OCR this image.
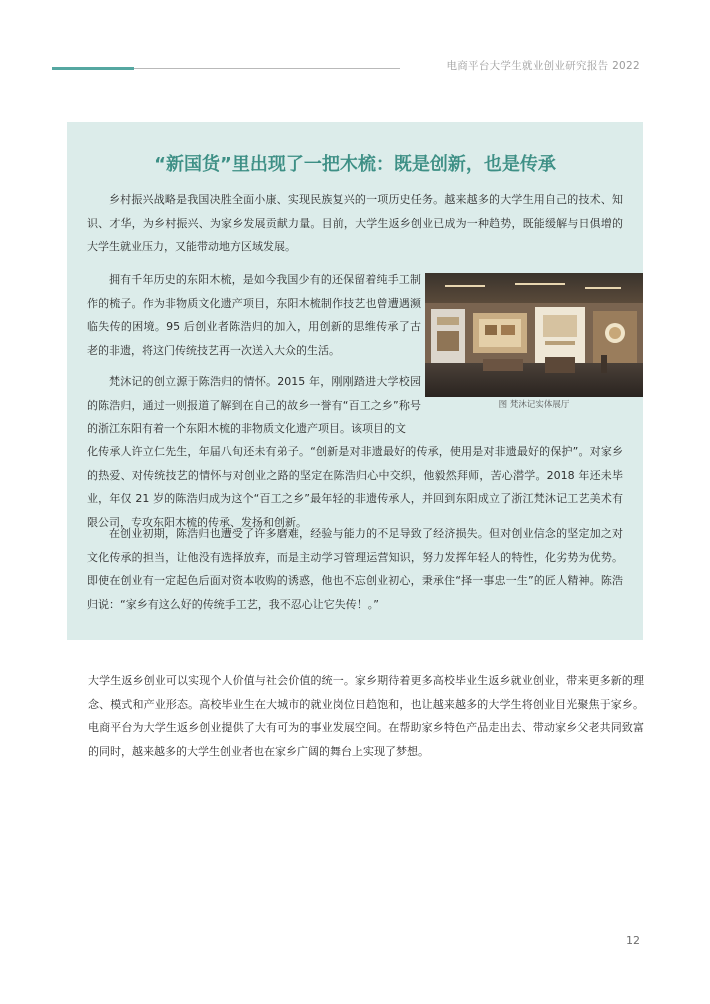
电商平台大学生就业创业研究报告 2022
“新国货”里出现了一把木梳：既是创新，也是传承

乡村振兴战略是我国决胜全面小康、实现民族复兴的一项历史任务。越来越多的大学生用自己的技术、知识、才华，为乡村振兴、为家乡发展贡献力量。目前，大学生返乡创业已成为一种趋势，既能缓解与日俱增的大学生就业压力，又能带动地方区域发展。

拥有千年历史的东阳木梳，是如今我国少有的还保留着纯手工制作的梳子。作为非物质文化遗产项目，东阳木梳制作技艺也曾遭遇濒临失传的困境。95 后创业者陈浩归的加入，用创新的思维传承了古老的非遗，将这门传统技艺再一次送入大众的生活。

梵沐记的创立源于陈浩归的情怀。2015 年，刚刚踏进大学校园的陈浩归，通过一则报道了解到在自己的故乡一誉有“百工之乡”称号的浙江东阳有着一个东阳木梳的非物质文化遗产项目。该项目的文

化传承人许立仁先生，年届八旬还未有弟子。“创新是对非遗最好的传承，使用是对非遗最好的保护”。对家乡的热爱、对传统技艺的情怀与对创业之路的坚定在陈浩归心中交织，他毅然拜师，苦心潜学。2018 年还未毕业，年仅 21 岁的陈浩归成为这个“百工之乡”最年轻的非遗传承人，并回到东阳成立了浙江梵沐记工艺美术有限公司，专攻东阳木梳的传承、发扬和创新。

在创业初期，陈浩归也遭受了许多磨难，经验与能力的不足导致了经济损失。但对创业信念的坚定加之对文化传承的担当，让他没有选择放弃，而是主动学习管理运营知识，努力发挥年轻人的特性，化劣势为优势。即使在创业有一定起色后面对资本收购的诱惑，他也不忘创业初心，秉承住“择一事忠一生”的匠人精神。陈浩归说：“家乡有这么好的传统手工艺，我不忍心让它失传！。”

图 梵沐记实体展厅

大学生返乡创业可以实现个人价值与社会价值的统一。家乡期待着更多高校毕业生返乡就业创业，带来更多新的理念、模式和产业形态。高校毕业生在大城市的就业岗位日趋饱和，也让越来越多的大学生将创业目光聚焦于家乡。电商平台为大学生返乡创业提供了大有可为的事业发展空间。在帮助家乡特色产品走出去、带动家乡父老共同致富的同时，越来越多的大学生创业者也在家乡广阔的舞台上实现了梦想。

12
